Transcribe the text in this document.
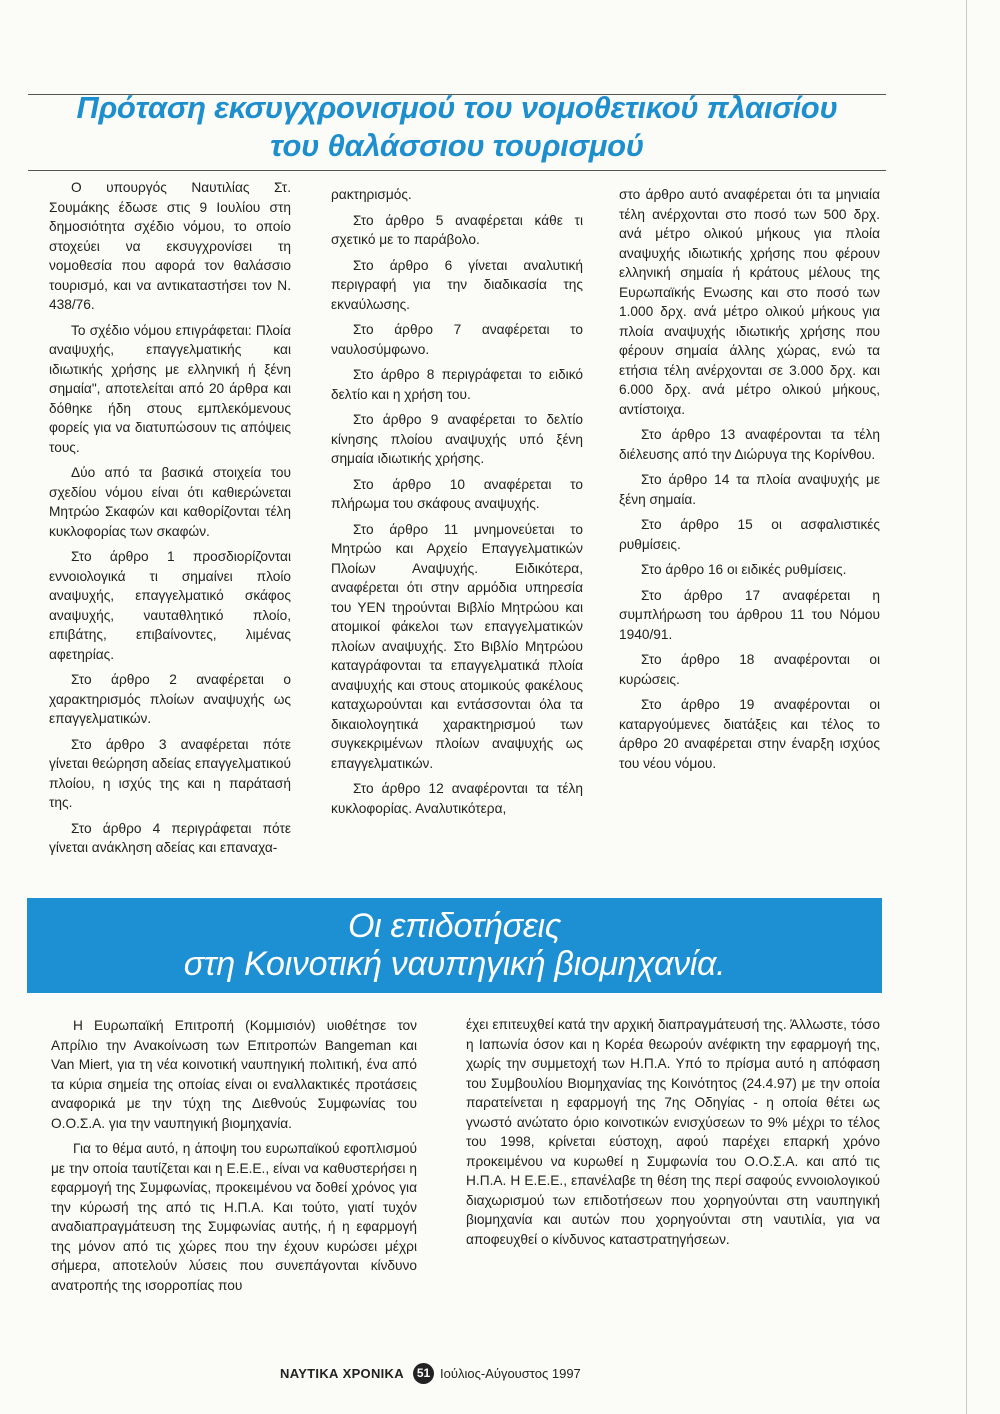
Πρόταση εκσυγχρονισμού του νομοθετικού πλαισίου
του θαλάσσιου τουρισμού

Ο υπουργός Ναυτιλίας Στ. Σουμάκης έδωσε στις 9 Ιουλίου στη δημοσιότητα σχέδιο νόμου, το οποίο στοχεύει να εκσυγχρονίσει τη νομοθεσία που αφορά τον θαλάσσιο τουρισμό, και να αντικαταστήσει τον Ν. 438/76.

Το σχέδιο νόμου επιγράφεται: Πλοία αναψυχής, επαγγελματικής και ιδιωτικής χρήσης με ελληνική ή ξένη σημαία", αποτελείται από 20 άρθρα και δόθηκε ήδη στους εμπλεκόμενους φορείς για να διατυπώσουν τις απόψεις τους.

Δύο από τα βασικά στοιχεία του σχεδίου νόμου είναι ότι καθιερώνεται Μητρώο Σκαφών και καθορίζονται τέλη κυκλοφορίας των σκαφών.

Στο άρθρο 1 προσδιορίζονται εννοιολογικά τι σημαίνει πλοίο αναψυχής, επαγγελματικό σκάφος αναψυχής, ναυταθλητικό πλοίο, επιβάτης, επιβαίνοντες, λιμένας αφετηρίας.

Στο άρθρο 2 αναφέρεται ο χαρακτηρισμός πλοίων αναψυχής ως επαγγελματικών.

Στο άρθρο 3 αναφέρεται πότε γίνεται θεώρηση αδείας επαγγελματικού πλοίου, η ισχύς της και η παράτασή της.

Στο άρθρο 4 περιγράφεται πότε γίνεται ανάκληση αδείας και επαναχα-

ρακτηρισμός.

Στο άρθρο 5 αναφέρεται κάθε τι σχετικό με το παράβολο.

Στο άρθρο 6 γίνεται αναλυτική περιγραφή για την διαδικασία της εκναύλωσης.

Στο άρθρο 7 αναφέρεται το ναυλοσύμφωνο.

Στο άρθρο 8 περιγράφεται το ειδικό δελτίο και η χρήση του.

Στο άρθρο 9 αναφέρεται το δελτίο κίνησης πλοίου αναψυχής υπό ξένη σημαία ιδιωτικής χρήσης.

Στο άρθρο 10 αναφέρεται το πλήρωμα του σκάφους αναψυχής.

Στο άρθρο 11 μνημονεύεται το Μητρώο και Αρχείο Επαγγελματικών Πλοίων Αναψυχής. Ειδικότερα, αναφέρεται ότι στην αρμόδια υπηρεσία του ΥΕΝ τηρούνται Βιβλίο Μητρώου και ατομικοί φάκελοι των επαγγελματικών πλοίων αναψυχής. Στο Βιβλίο Μητρώου καταγράφονται τα επαγγελματικά πλοία αναψυχής και στους ατομικούς φακέλους καταχωρούνται και εντάσσονται όλα τα δικαιολογητικά χαρακτηρισμού των συγκεκριμένων πλοίων αναψυχής ως επαγγελματικών.

Στο άρθρο 12 αναφέρονται τα τέλη κυκλοφορίας. Αναλυτικότερα,

στο άρθρο αυτό αναφέρεται ότι τα μηνιαία τέλη ανέρχονται στο ποσό των 500 δρχ. ανά μέτρο ολικού μήκους για πλοία αναψυχής ιδιωτικής χρήσης που φέρουν ελληνική σημαία ή κράτους μέλους της Ευρωπαϊκής Ενωσης και στο ποσό των 1.000 δρχ. ανά μέτρο ολικού μήκους για πλοία αναψυχής ιδιωτικής χρήσης που φέρουν σημαία άλλης χώρας, ενώ τα ετήσια τέλη ανέρχονται σε 3.000 δρχ. και 6.000 δρχ. ανά μέτρο ολικού μήκους, αντίστοιχα.

Στο άρθρο 13 αναφέρονται τα τέλη διέλευσης από την Διώρυγα της Κορίνθου.

Στο άρθρο 14 τα πλοία αναψυχής με ξένη σημαία.

Στο άρθρο 15 οι ασφαλιστικές ρυθμίσεις.

Στο άρθρο 16 οι ειδικές ρυθμίσεις.

Στο άρθρο 17 αναφέρεται η συμπλήρωση του άρθρου 11 του Νόμου 1940/91.

Στο άρθρο 18 αναφέρονται οι κυρώσεις.

Στο άρθρο 19 αναφέρονται οι καταργούμενες διατάξεις και τέλος το άρθρο 20 αναφέρεται στην έναρξη ισχύος του νέου νόμου.

Οι επιδοτήσεις
στη Κοινοτική ναυπηγική βιομηχανία.

Η Ευρωπαϊκή Επιτροπή (Κομμισιόν) υιοθέτησε τον Απρίλιο την Ανακοίνωση των Επιτροπών Bangeman και Van Miert, για τη νέα κοινοτική ναυπηγική πολιτική, ένα από τα κύρια σημεία της οποίας είναι οι εναλλακτικές προτάσεις αναφορικά με την τύχη της Διεθνούς Συμφωνίας του Ο.Ο.Σ.Α. για την ναυπηγική βιομηχανία.

Για το θέμα αυτό, η άποψη του ευρωπαϊκού εφοπλισμού με την οποία ταυτίζεται και η Ε.Ε.Ε., είναι να καθυστερήσει η εφαρμογή της Συμφωνίας, προκειμένου να δοθεί χρόνος για την κύρωσή της από τις Η.Π.Α. Και τούτο, γιατί τυχόν αναδιαπραγμάτευση της Συμφωνίας αυτής, ή η εφαρμογή της μόνον από τις χώρες που την έχουν κυρώσει μέχρι σήμερα, αποτελούν λύσεις που συνεπάγονται κίνδυνο ανατροπής της ισορροπίας που

έχει επιτευχθεί κατά την αρχική διαπραγμάτευσή της. Άλλωστε, τόσο η Ιαπωνία όσον και η Κορέα θεωρούν ανέφικτη την εφαρμογή της, χωρίς την συμμετοχή των Η.Π.Α. Υπό το πρίσμα αυτό η απόφαση του Συμβουλίου Βιομηχανίας της Κοινότητος (24.4.97) με την οποία παρατείνεται η εφαρμογή της 7ης Οδηγίας - η οποία θέτει ως γνωστό ανώτατο όριο κοινοτικών ενισχύσεων το 9% μέχρι το τέλος του 1998, κρίνεται εύστοχη, αφού παρέχει επαρκή χρόνο προκειμένου να κυρωθεί η Συμφωνία του Ο.Ο.Σ.Α. και από τις Η.Π.Α. Η Ε.Ε.Ε., επανέλαβε τη θέση της περί σαφούς εννοιολογικού διαχωρισμού των επιδοτήσεων που χορηγούνται στη ναυπηγική βιομηχανία και αυτών που χορηγούνται στη ναυτιλία, για να αποφευχθεί ο κίνδυνος καταστρατηγήσεων.

ΝΑΥΤΙΚΑ ΧΡΟΝΙΚΑ	51 Ιούλιος-Αύγουστος 1997
